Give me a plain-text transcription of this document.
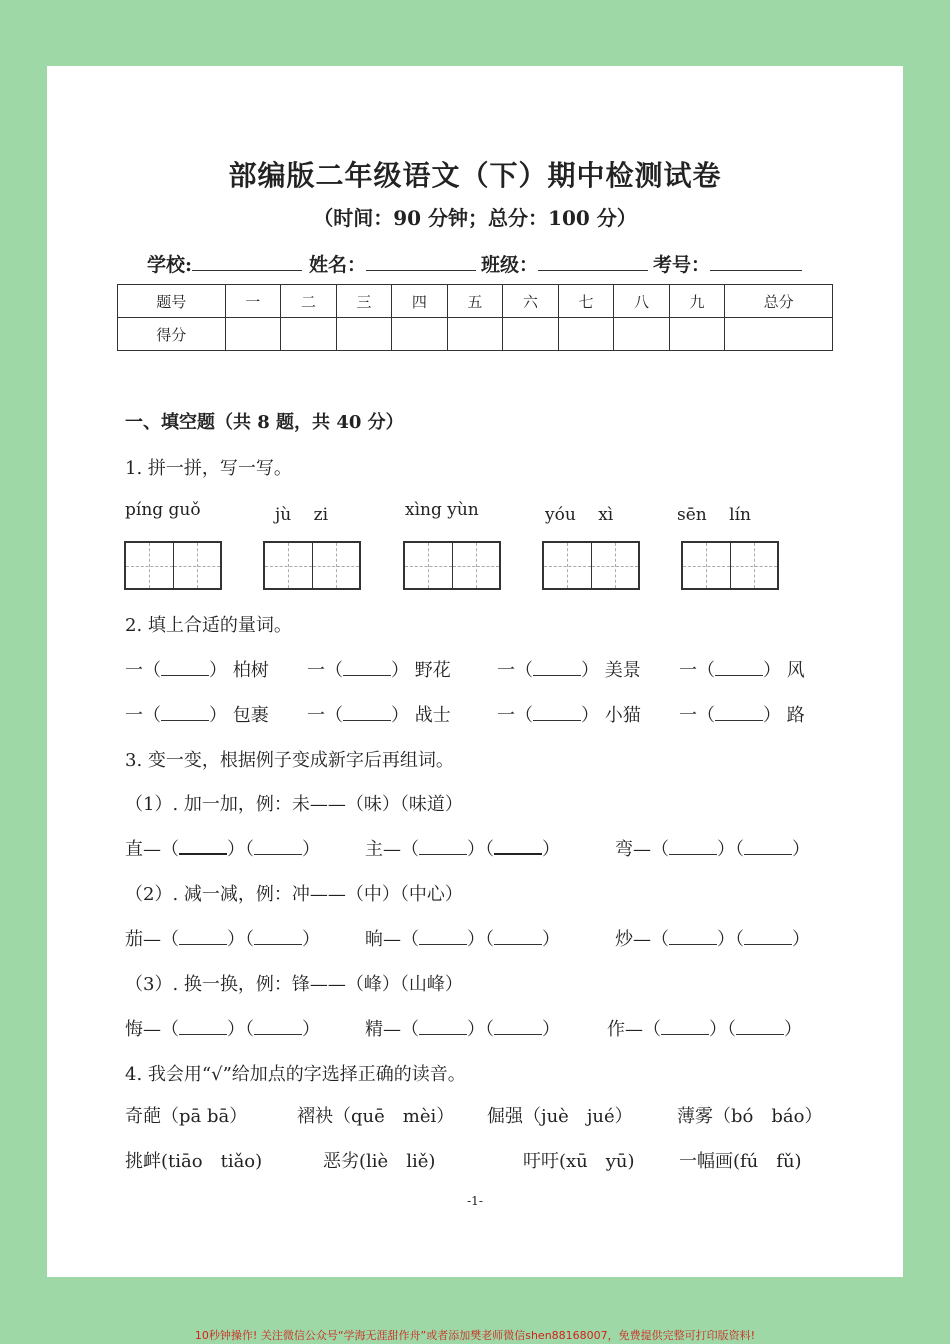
部编版二年级语文（下）期中检测试卷
（时间：90 分钟；总分：100 分）
学校:	姓名：	班级：	考号：
题号	一	二	三	四	五	六	七	八	九	总分
得分										
一、填空题（共 8 题，共 40 分）
1. 拼一拼，写一写。
píng guǒ	jù　 zi	xìng yùn	yóu　 xì	sēn　 lín
2. 填上合适的量词。
一（	） 柏树 一（	） 野花	一（	） 美景 一（	） 风
一（	） 包裹 一（	） 战士	一（	） 小猫 一（	） 路
3. 变一变，根据例子变成新字后再组词。
（1）. 加一加，例：未——（味）（味道）
直—（	）（	）	主—（	）（	）	弯—（	）（	）
（2）. 减一减，例：冲——（中）（中心）
茄—（	）（	）	晌—（	）（	）	炒—（	）（	）
（3）. 换一换，例：锋——（峰）（山峰）
悔—（	）（	）	精—（	）（	）	作—（	）（	）
4. 我会用“√”给加点的字选择正确的读音。
奇葩（pā bā）	褶袂（quē　mèi） 倔强（juè　jué） 薄雾（bó　báo）
挑衅(tiāo　tiǎo)	恶劣(liè　liě)	吁吁(xū　yū) 一幅画(fú　fǔ)
-1-
10秒钟操作! 关注微信公众号“学海无涯甜作舟”或者添加樊老师微信shen88168007，免费提供完整可打印版资料!
